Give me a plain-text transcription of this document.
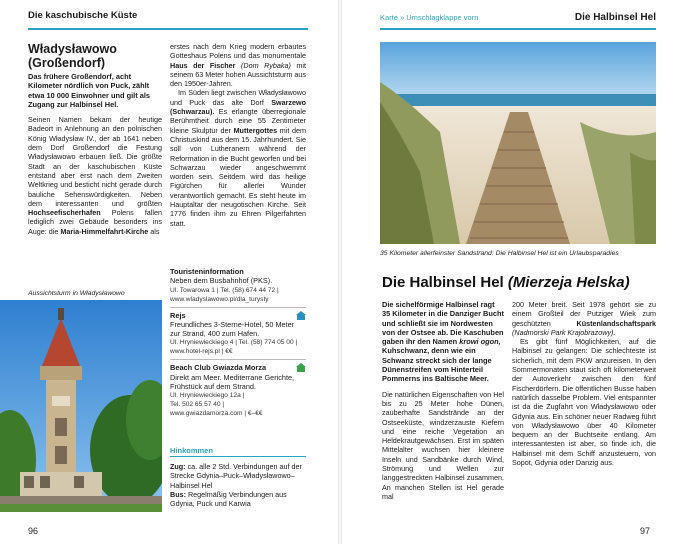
Die kaschubische Küste
Władysławowo (Großendorf)
Das frühere Großendorf, acht Kilometer nördlich von Puck, zählt etwa 10 000 Einwohner und gilt als Zugang zur Halbinsel Hel.

Seinen Namen bekam der heutige Badeort in Anlehnung an den polnischen König Władysław IV., der ab 1641 neben dem Dorf Großendorf die Festung Władysławowo erbauen ließ. Die größte Stadt an der kaschubischen Küste entstand aber erst nach dem Zweiten Weltkrieg und besticht nicht gerade durch bauliche Sehenswürdigkeiten. Neben dem interessanten und größten Hochseefischerhafen Polens fallen lediglich zwei Gebäude besonders ins Auge: die Maria-Himmelfahrt-Kirche als

Aussichtsturm in Władysławowo

erstes nach dem Krieg modern erbautes Gotteshaus Polens und das monumentale Haus der Fischer (Dom Rybaka) mit seinem 63 Meter hohen Aussichtsturm aus den 1950er-Jahren.

Im Süden liegt zwischen Władysławowo und Puck das alte Dorf Swarzewo (Schwarzau). Es erlangte überregionale Berühmtheit durch eine 55 Zentimeter kleine Skulptur der Muttergottes mit dem Christuskind aus dem 15. Jahrhundert. Sie soll von Lutheranern während der Reformation in die Bucht geworfen und bei Schwarzau wieder angeschwemmt worden sein. Seitdem wird das heilige Figürchen für allerlei Wunder verantwortlich gemacht. Es steht heute im Hauptaltar der neugotischen Kirche. Seit 1776 finden ihm zu Ehren Pilgerfahrten statt.

Touristeninformation
Neben dem Busbahnhof (PKS).
Ul. Towarowa 1 | Tel. (58) 674 44 72 |
www.wladyslawowo.pl/dla_turysty
Rejs
Freundliches 3-Sterne-Hotel, 50 Meter zur Strand, 400 zum Hafen.
Ul. Hryniewieckiego 4 | Tel. (58) 774 05 00 |
www.hotel-rejs.pl | €€
Beach Club Gwiazda Morza
Direkt am Meer. Mediterrane Gerichte, Frühstück auf dem Strand.
Ul. Hryniewieckiego 12a |
Tel. 502 65 57 40 |
www.gwiazdamorza.com | €–€€
Hinkommen

Zug: ca. alle 2 Std. Verbindungen auf der Strecke Gdynia–Puck–Władysławowo–Halbinsel Hel

Bus: Regelmäßig Verbindungen aus Gdynia, Puck und Karwia

96
Karte » Umschlagklappe vorn	Die Halbinsel Hel
35 Kilometer allerfeinster Sandstrand: Die Halbinsel Hel ist ein Urlaubsparadies
Die Halbinsel Hel (Mierzeja Helska)
Die sichelförmige Halbinsel ragt 35 Kilometer in die Danziger Bucht und schließt sie im Nordwesten von der Ostsee ab. Die Kaschuben gaben ihr den Namen krowi ogon, Kuhschwanz, denn wie ein Schwanz streckt sich der lange Dünenstreifen vom Hinterteil Pommerns ins Baltische Meer.

Die natürlichen Eigenschaften von Hel bis zu 25 Meter hohe Dünen, zauberhafte Sandstrände an der Ostseeküste, windzerzauste Kiefern und eine reiche Vegetation an Heldekrautgewächsen. Erst im späten Mittelalter wuchsen hier kleinere Inseln und Sandbänke durch Wind, Strömung und Wellen zur langgestreckten Halbinsel zusammen. An manchen Stellen ist Hel gerade mal

200 Meter breit. Seit 1978 gehört sie zu einem Großteil der Putziger Wiek zum geschützten Küstenlandschaftspark (Nadmorski Park Krajobrazowy).

Es gibt fünf Möglichkeiten, auf die Halbinsel zu gelangen: Die schlechteste ist sicherlich, mit dem PKW anzureisen. In den Sommermonaten staut sich oft kilometerweit der Autoverkehr zwischen den fünf Fischerdörfern. Die öffentlichen Busse haben natürlich dasselbe Problem. Viel entspannter ist da die Zugfahrt von Władysławowo oder Gdynia aus. Ein schöner neuer Radweg führt von Władysławowo über 40 Kilometer bequem an der Buchtseite entlang. Am interessantesten ist aber, so finde ich, die Halbinsel mit dem Schiff anzusteuern, von Sopot, Gdynia oder Danzig aus.

97
